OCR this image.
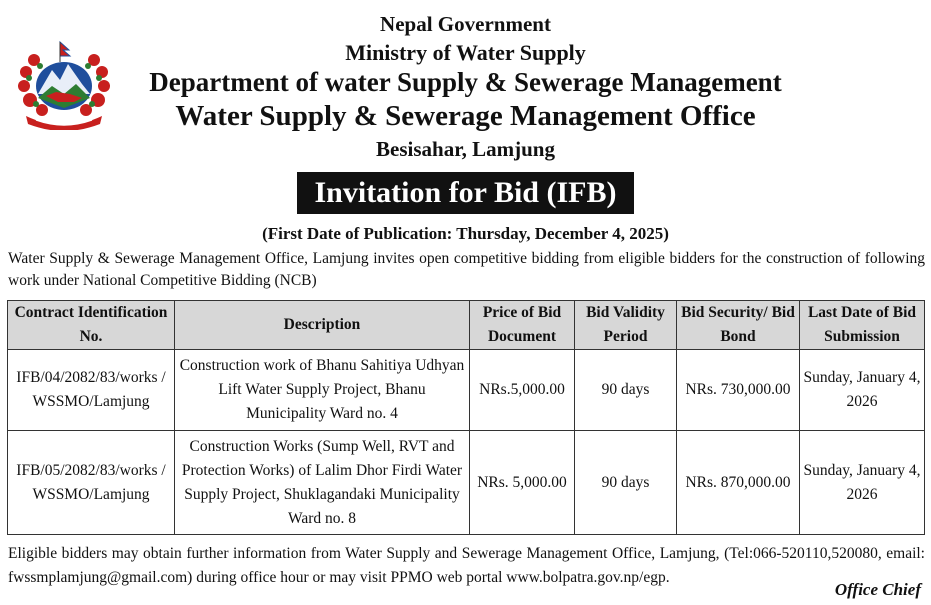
Nepal Government
Ministry of Water Supply
Department of water Supply & Sewerage Management
Water Supply & Sewerage Management Office
Besisahar, Lamjung
Invitation for Bid (IFB)
(First Date of Publication: Thursday, December 4, 2025)
Water Supply & Sewerage Management Office, Lamjung invites open competitive bidding from eligible bidders for the construction of following work under National Competitive Bidding (NCB)
Contract Identification No.	Description	Price of Bid Document	Bid Validity Period	Bid Security/ Bid Bond	Last Date of Bid Submission
IFB/04/2082/83/works / WSSMO/Lamjung	Construction work of Bhanu Sahitiya Udhyan Lift Water Supply Project, Bhanu Municipality Ward no. 4	NRs.5,000.00	90 days	NRs. 730,000.00	Sunday, January 4, 2026
IFB/05/2082/83/works / WSSMO/Lamjung	Construction Works (Sump Well, RVT and Protection Works) of Lalim Dhor Firdi Water Supply Project, Shuklagandaki Municipality Ward no. 8	NRs. 5,000.00	90 days	NRs. 870,000.00	Sunday, January 4, 2026
Eligible bidders may obtain further information from Water Supply and Sewerage Management Office, Lamjung, (Tel:066-520110,520080, email: fwssmplamjung@gmail.com) during office hour or may visit PPMO web portal www.bolpatra.gov.np/egp.
Office Chief
